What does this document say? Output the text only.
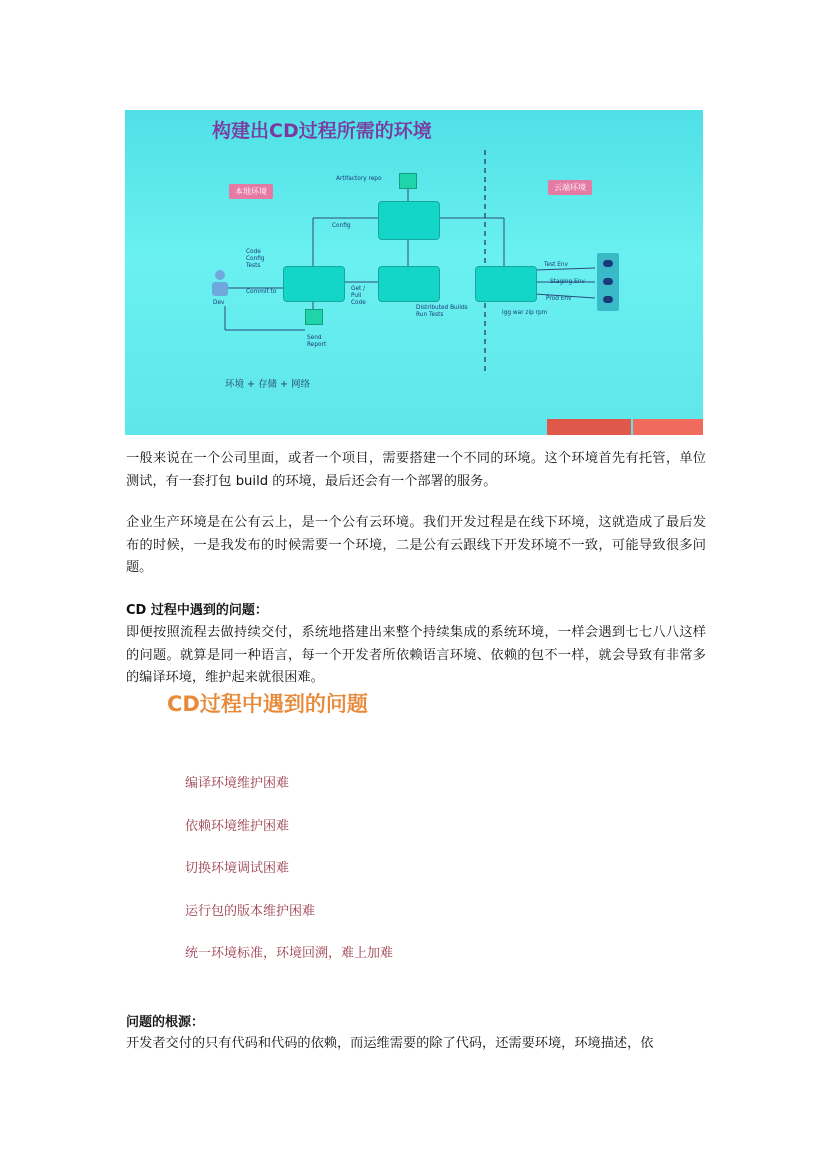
构建出CD过程所需的环境
本地环境	云端环境
Artifactory repo
Config
Code
Config
Tests
Commit to
Dev
Get /
Pull
Code
Distributed Builds
Run Tests
Send
Report
Test Env
Staging Env
Prod Env
Igg war zip rpm
环境 + 存储 + 网络

一般来说在一个公司里面，或者一个项目，需要搭建一个不同的环境。这个环境首先有托管，单位测试，有一套打包 build 的环境，最后还会有一个部署的服务。

企业生产环境是在公有云上，是一个公有云环境。我们开发过程是在线下环境，这就造成了最后发布的时候，一是我发布的时候需要一个环境，二是公有云跟线下开发环境不一致，可能导致很多问题。

CD 过程中遇到的问题：

即便按照流程去做持续交付，系统地搭建出来整个持续集成的系统环境，一样会遇到七七八八这样的问题。就算是同一种语言，每一个开发者所依赖语言环境、依赖的包不一样，就会导致有非常多的编译环境，维护起来就很困难。

CD过程中遇到的问题
编译环境维护困难
依赖环境维护困难
切换环境调试困难
运行包的版本维护困难
统一环境标准，环境回溯，难上加难

问题的根源：

开发者交付的只有代码和代码的依赖，而运维需要的除了代码，还需要环境，环境描述，依
